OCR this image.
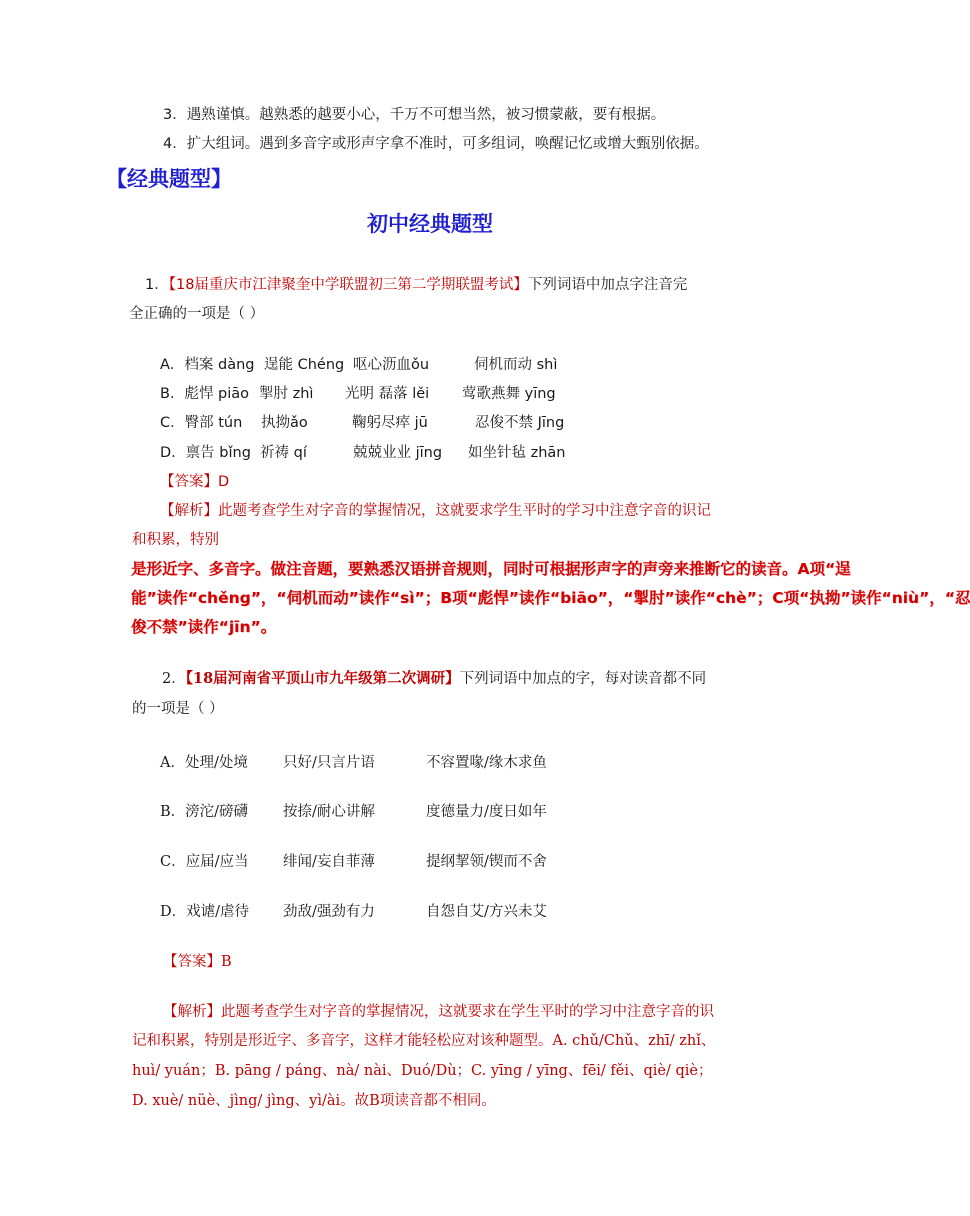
3．遇熟谨慎。越熟悉的越要小心，千万不可想当然，被习惯蒙蔽，要有根据。
4．扩大组词。遇到多音字或形声字拿不准时，可多组词，唤醒记忆或增大甄别依据。
【经典题型】
初中经典题型
1．【18届重庆市江津聚奎中学联盟初三第二学期联盟考试】下列词语中加点字注音完
全正确的一项是（ ）
A．档案 dàng 逞能 Chéng 呕心沥血ǒu	伺机而动 shì
B．彪悍 piāo 掣肘 zhì 光明 磊落 lěi 莺歌燕舞 yīng
C．臀部 tún 执拗ǎo	鞠躬尽瘁 jū	忍俊不禁 Jīng
D．禀告 bǐng 祈祷 qí	兢兢业业 jīng 如坐针毡 zhān
【答案】D
【解析】此题考查学生对字音的掌握情况，这就要求学生平时的学习中注意字音的识记
和积累，特别
是形近字、多音字。做注音题，要熟悉汉语拼音规则，同时可根据形声字的声旁来推断它的读音。A项“逞
能”读作“chěng”，“伺机而动”读作“sì”；B项“彪悍”读作“biāo”，“掣肘”读作“chè”；C项“执拗”读作“niù”，“忍
俊不禁”读作“jīn”。
2．【18届河南省平顶山市九年级第二次调研】下列词语中加点的字，每对读音都不同
的一项是（ ）
A．处理/处境 只好/只言片语	不容置喙/缘木求鱼
B．滂沱/磅礴 按捺/耐心讲解	度德量力/度日如年
C．应届/应当 绯闻/妄自菲薄	提纲挈领/锲而不舍
D．戏谑/虐待 劲敌/强劲有力	自怨自艾/方兴未艾
【答案】B
【解析】此题考查学生对字音的掌握情况，这就要求在学生平时的学习中注意字音的识
记和积累，特别是形近字、多音字，这样才能轻松应对该种题型。A. chǔ/Chǔ、zhī/ zhǐ、
huì/ yuán；B. pāng / páng、nà/ nài、Duó/Dù；C. yīng / yīng、fēi/ fěi、qiè/ qiè；
D. xuè/ nüè、jìng/ jìng、yì/ài。故B项读音都不相同。
